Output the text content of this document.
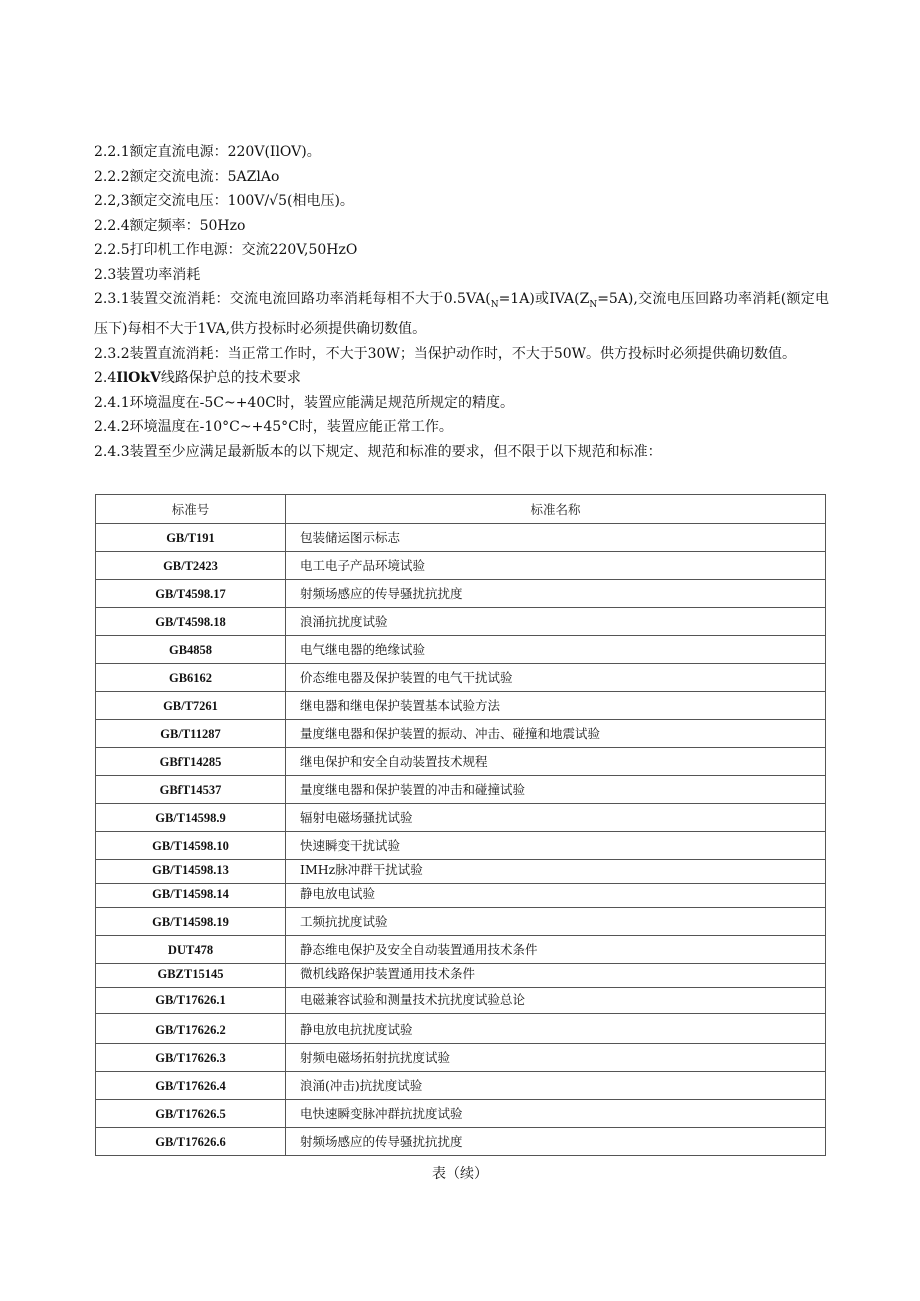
2.2.1额定直流电源：220V(IlOV)。

2.2.2额定交流电流：5AZlAo

2.2,3额定交流电压：100V/√5(相电压)。

2.2.4额定频率：50Hzo

2.2.5打印机工作电源：交流220V,50HzO

2.3装置功率消耗

2.3.1装置交流消耗：交流电流回路功率消耗每相不大于$0.5VA(_N=1A)$或$IVA(Z_N=5A)$,交流电压回路功率消耗(额定电压下)每相不大于1VA,供方投标时必须提供确切数值。

2.3.2装置直流消耗：当正常工作时，不大于30W；当保护动作时，不大于50W。供方投标时必须提供确切数值。

2.4IlOkV线路保护总的技术要求

2.4.1环境温度在-5C~+40C时，装置应能满足规范所规定的精度。

2.4.2环境温度在-10°C~+45°C时，装置应能正常工作。

2.4.3装置至少应满足最新版本的以下规定、规范和标准的要求，但不限于以下规范和标准：

标准号	标准名称
GB/T191	包装储运图示标志
GB/T2423	电工电子产品环境试验
GB/T4598.17	射频场感应的传导骚扰抗扰度
GB/T4598.18	浪涌抗扰度试验
GB4858	电气继电器的绝缘试验
GB6162	价态维电器及保护装置的电气干扰试验
GB/T7261	继电器和继电保护装置基本试验方法
GB/T11287	量度继电器和保护装置的振动、冲击、碰撞和地震试验
GBfT14285	继电保护和安全自动装置技术规程
GBfT14537	量度继电器和保护装置的冲击和碰撞试验
GB/T14598.9	辐射电磁场骚扰试验
GB/T14598.10	快速瞬变干扰试验
GB/T14598.13	IMHz脉冲群干扰试验
GB/T14598.14	静电放电试验
GB/T14598.19	工频抗扰度试验
DUT478	静态维电保护及安全自动装置通用技术条件
GBZT15145	微机线路保护装置通用技术条件
GB/T17626.1	电磁兼容试验和测量技术抗扰度试验总论
GB/T17626.2	静电放电抗扰度试验
GB/T17626.3	射频电磁场拓射抗扰度试验
GB/T17626.4	浪涌(冲击)抗扰度试验
GB/T17626.5	电快速瞬变脉冲群抗扰度试验
GB/T17626.6	射频场感应的传导骚扰抗扰度
表（续）
